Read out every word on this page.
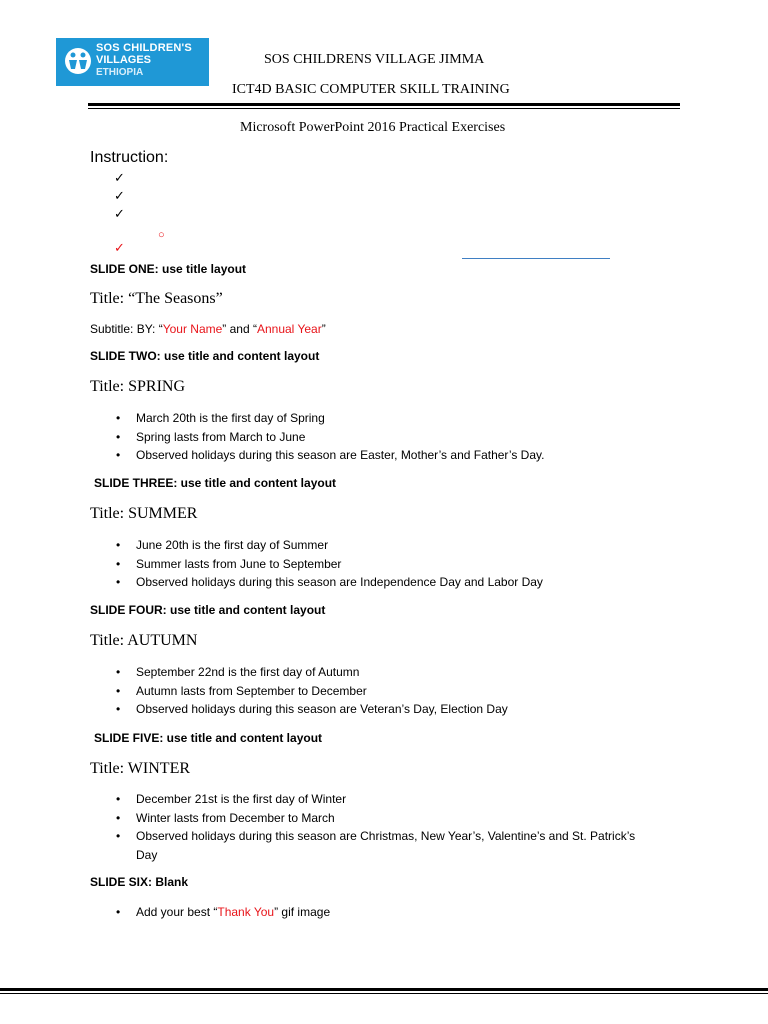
SOS CHILDREN'S
VILLAGES
ETHIOPIA
SOS CHILDRENS VILLAGE JIMMA
ICT4D BASIC COMPUTER SKILL TRAINING
Microsoft PowerPoint 2016 Practical Exercises
Instruction:
✓
✓
✓
○
✓
SLIDE ONE: use title layout
Title: “The Seasons”
Subtitle: BY: “Your Name” and “Annual Year”
SLIDE TWO: use title and content layout
Title: SPRING
• March 20th is the first day of Spring
• Spring lasts from March to June
• Observed holidays during this season are Easter, Mother’s and Father’s Day.
SLIDE THREE: use title and content layout
Title: SUMMER
• June 20th is the first day of Summer
• Summer lasts from June to September
• Observed holidays during this season are Independence Day and Labor Day
SLIDE FOUR: use title and content layout
Title: AUTUMN
• September 22nd is the first day of Autumn
• Autumn lasts from September to December
• Observed holidays during this season are Veteran’s Day, Election Day
SLIDE FIVE: use title and content layout
Title: WINTER
• December 21st is the first day of Winter
• Winter lasts from December to March
• Observed holidays during this season are Christmas, New Year’s, Valentine’s and St. Patrick’s Day
SLIDE SIX: Blank
• Add your best “Thank You” gif image
